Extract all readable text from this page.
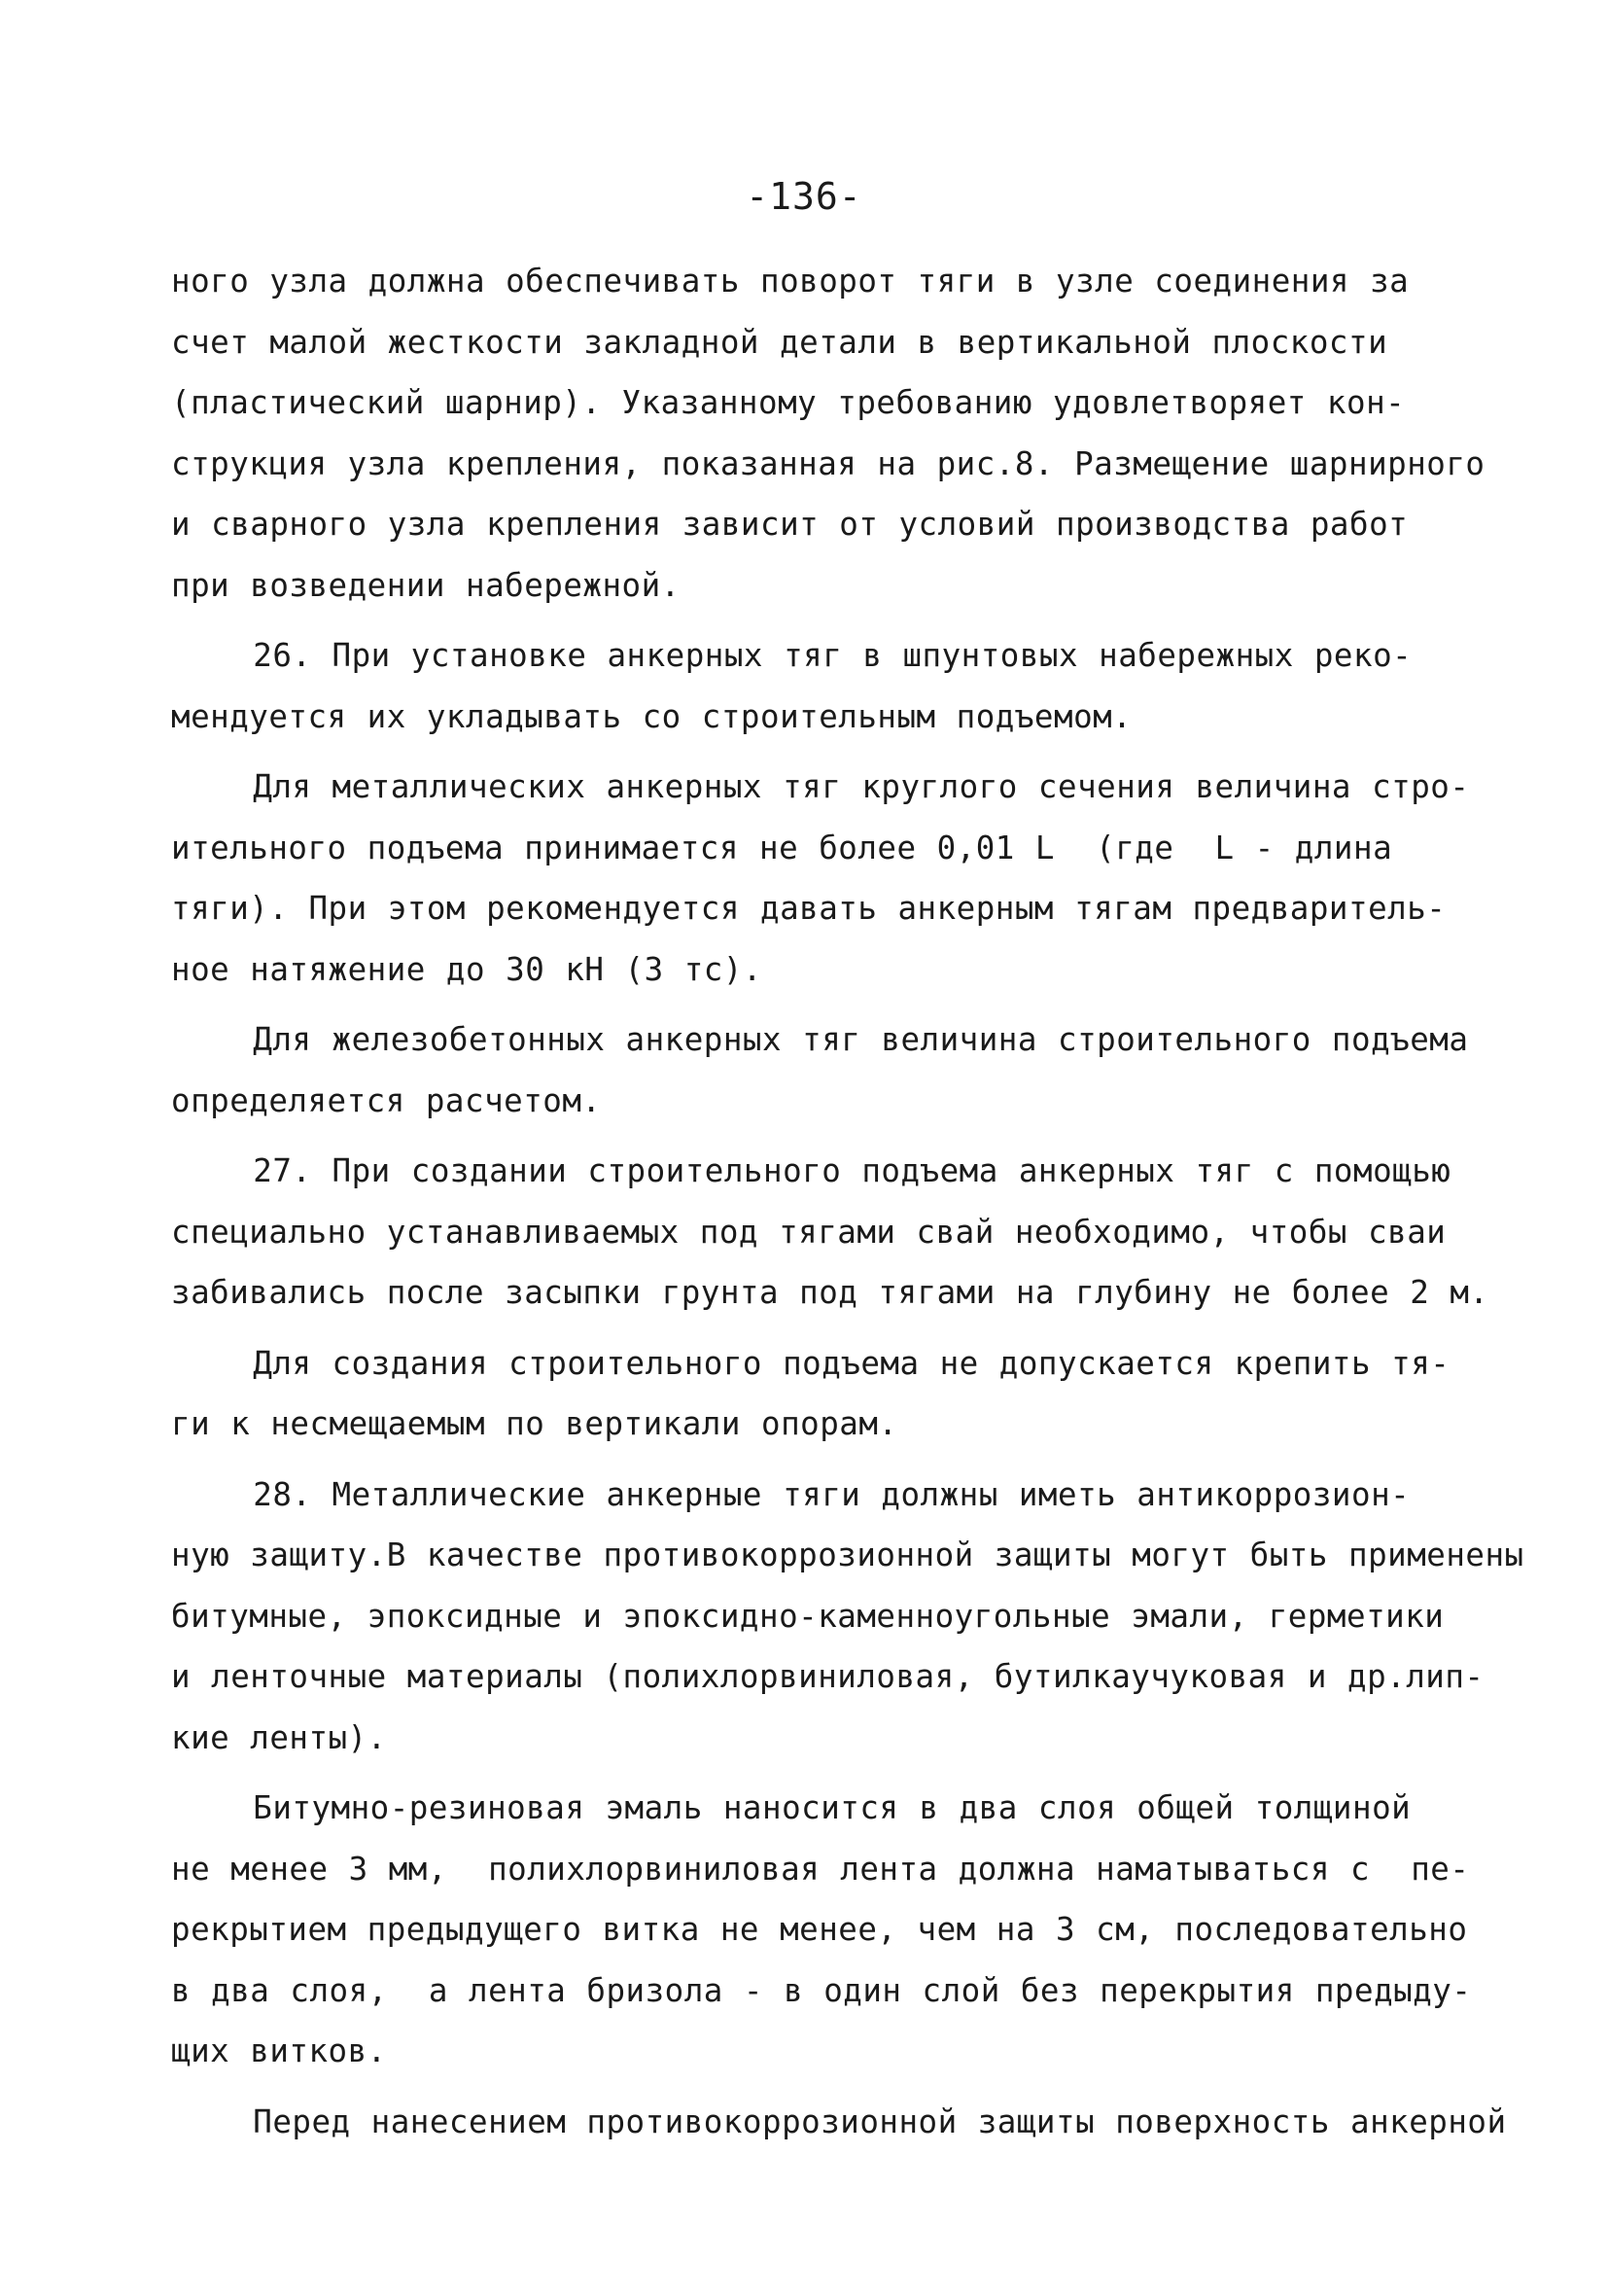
-136-
ного узла должна обеспечивать поворот тяги в узле соединения за
счет малой жесткости закладной детали в вертикальной плоскости
(пластический шарнир). Указанному требованию удовлетворяет кон-
струкция узла крепления, показанная на рис.8. Размещение шарнирного
и сварного узла крепления зависит от условий производства работ
при возведении набережной.
26. При установке анкерных тяг в шпунтовых набережных реко-
мендуется их укладывать со строительным подъемом.
Для металлических анкерных тяг круглого сечения величина стро-
ительного подъема принимается не более 0,01 L  (где  L - длина
тяги). При этом рекомендуется давать анкерным тягам предваритель-
ное натяжение до 30 кН (3 тс).
Для железобетонных анкерных тяг величина строительного подъема
определяется расчетом.
27. При создании строительного подъема анкерных тяг с помощью
специально устанавливаемых под тягами свай необходимо, чтобы сваи
забивались после засыпки грунта под тягами на глубину не более 2 м.
Для создания строительного подъема не допускается крепить тя-
ги к несмещаемым по вертикали опорам.
28. Металлические анкерные тяги должны иметь антикоррозион-
ную защиту.В качестве противокоррозионной защиты могут быть применены
битумные, эпоксидные и эпоксидно-каменноугольные эмали, герметики
и ленточные материалы (полихлорвиниловая, бутилкаучуковая и др.лип-
кие ленты).
Битумно-резиновая эмаль наносится в два слоя общей толщиной
не менее 3 мм,  полихлорвиниловая лента должна наматываться с  пе-
рекрытием предыдущего витка не менее, чем на 3 см, последовательно
в два слоя,  а лента бризола - в один слой без перекрытия предыду-
щих витков.
Перед нанесением противокоррозионной защиты поверхность анкерной
